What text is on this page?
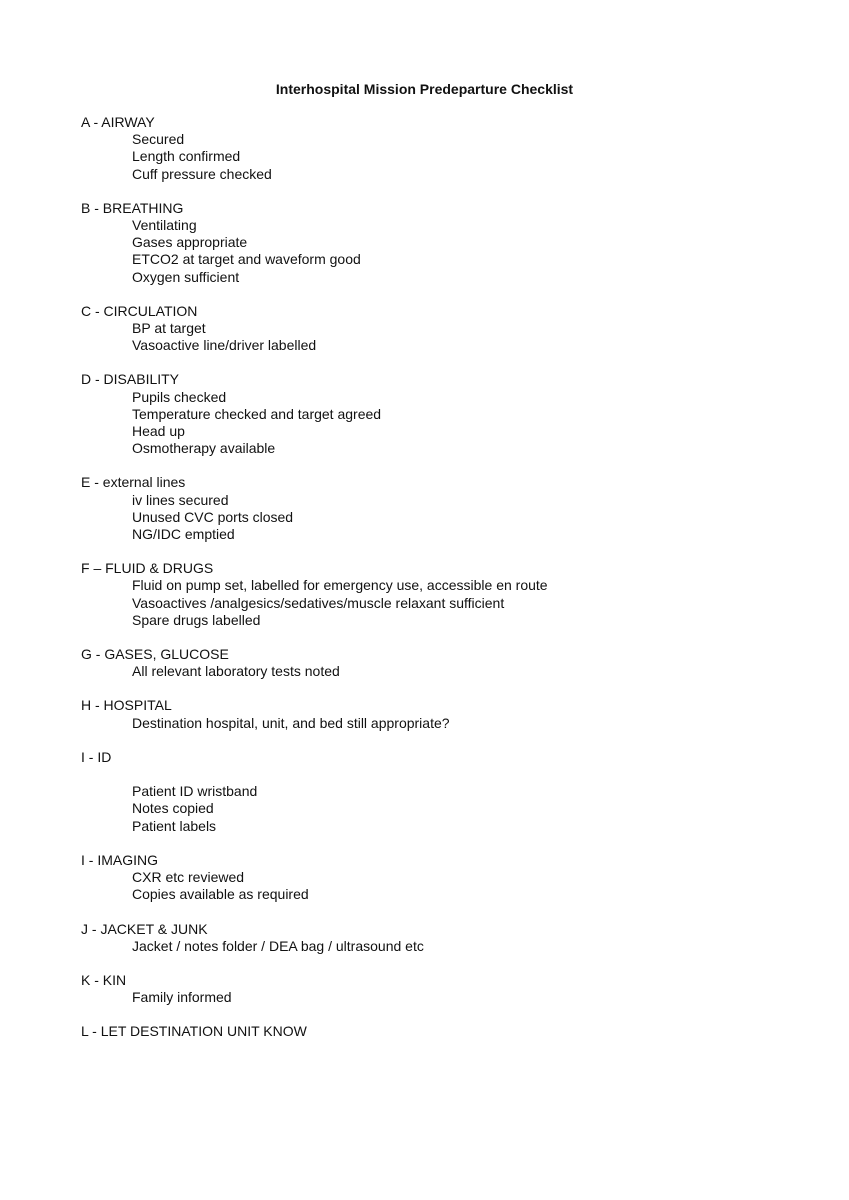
Interhospital Mission Predeparture Checklist
A - AIRWAY
Secured
Length confirmed
Cuff pressure checked
B - BREATHING
Ventilating
Gases appropriate
ETCO2 at target and waveform good
Oxygen sufficient
C - CIRCULATION
BP at target
Vasoactive line/driver labelled
D - DISABILITY
Pupils checked
Temperature checked and target agreed
Head up
Osmotherapy available
E - external lines
iv lines secured
Unused CVC ports closed
NG/IDC emptied
F – FLUID & DRUGS
Fluid on pump set, labelled for emergency use, accessible en route
Vasoactives /analgesics/sedatives/muscle relaxant sufficient
Spare drugs labelled
G - GASES, GLUCOSE
All relevant laboratory tests noted
H - HOSPITAL
Destination hospital, unit, and bed still appropriate?
I - ID
Patient ID wristband
Notes copied
Patient labels
I - IMAGING
CXR etc reviewed
Copies available as required
J - JACKET & JUNK
Jacket / notes folder / DEA bag / ultrasound etc
K - KIN
Family informed
L - LET DESTINATION UNIT KNOW
